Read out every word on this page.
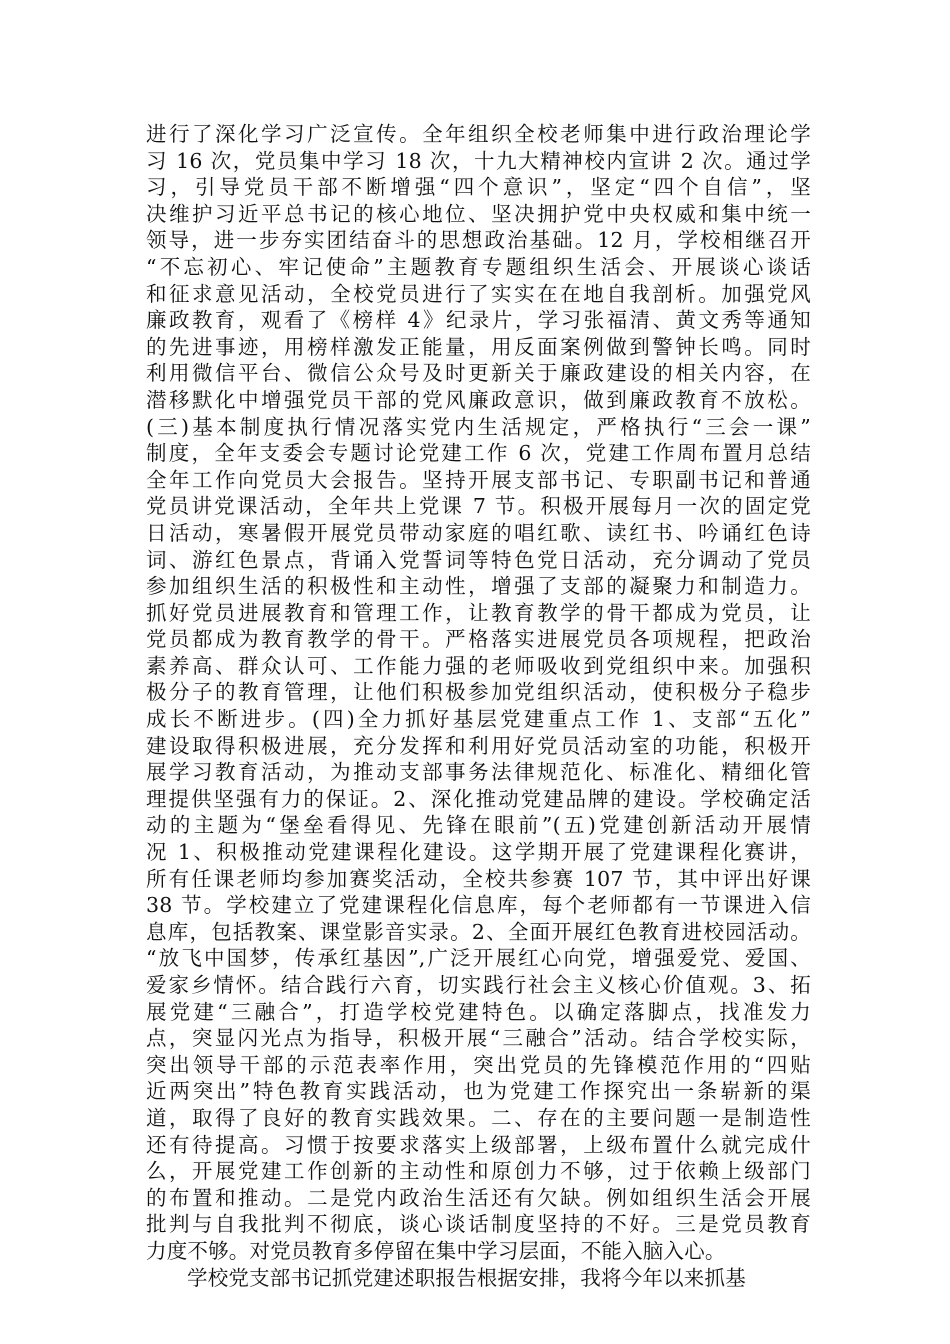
进行了深化学习广泛宣传。全年组织全校老师集中进行政治理论学
习 16 次，党员集中学习 18 次，十九大精神校内宣讲 2 次。通过学
习，引导党员干部不断增强“四个意识”，坚定“四个自信”，坚
决维护习近平总书记的核心地位、坚决拥护党中央权威和集中统一
领导，进一步夯实团结奋斗的思想政治基础。12 月，学校相继召开
“不忘初心、牢记使命”主题教育专题组织生活会、开展谈心谈话
和征求意见活动，全校党员进行了实实在在地自我剖析。加强党风
廉政教育，观看了《榜样 4》纪录片，学习张福清、黄文秀等通知
的先进事迹，用榜样激发正能量，用反面案例做到警钟长鸣。同时
利用微信平台、微信公众号及时更新关于廉政建设的相关内容，在
潜移默化中增强党员干部的党风廉政意识，做到廉政教育不放松。
(三)基本制度执行情况落实党内生活规定，严格执行“三会一课”
制度，全年支委会专题讨论党建工作 6 次，党建工作周布置月总结
全年工作向党员大会报告。坚持开展支部书记、专职副书记和普通
党员讲党课活动，全年共上党课 7 节。积极开展每月一次的固定党
日活动，寒暑假开展党员带动家庭的唱红歌、读红书、吟诵红色诗
词、游红色景点，背诵入党誓词等特色党日活动，充分调动了党员
参加组织生活的积极性和主动性，增强了支部的凝聚力和制造力。
抓好党员进展教育和管理工作，让教育教学的骨干都成为党员，让
党员都成为教育教学的骨干。严格落实进展党员各项规程，把政治
素养高、群众认可、工作能力强的老师吸收到党组织中来。加强积
极分子的教育管理，让他们积极参加党组织活动，使积极分子稳步
成长不断进步。(四)全力抓好基层党建重点工作 1、支部“五化”
建设取得积极进展，充分发挥和利用好党员活动室的功能，积极开
展学习教育活动，为推动支部事务法律规范化、标准化、精细化管
理提供坚强有力的保证。2、深化推动党建品牌的建设。学校确定活
动的主题为“堡垒看得见、先锋在眼前”(五)党建创新活动开展情
况 1、积极推动党建课程化建设。这学期开展了党建课程化赛讲，
所有任课老师均参加赛奖活动，全校共参赛 107 节，其中评出好课
38 节。学校建立了党建课程化信息库，每个老师都有一节课进入信
息库，包括教案、课堂影音实录。2、全面开展红色教育进校园活动。
“放飞中国梦，传承红基因”,广泛开展红心向党，增强爱党、爱国、
爱家乡情怀。结合践行六育，切实践行社会主义核心价值观。3、拓
展党建“三融合”，打造学校党建特色。以确定落脚点，找准发力
点，突显闪光点为指导，积极开展“三融合”活动。结合学校实际，
突出领导干部的示范表率作用，突出党员的先锋模范作用的“四贴
近两突出”特色教育实践活动，也为党建工作探究出一条崭新的渠
道，取得了良好的教育实践效果。二、存在的主要问题一是制造性
还有待提高。习惯于按要求落实上级部署，上级布置什么就完成什
么，开展党建工作创新的主动性和原创力不够，过于依赖上级部门
的布置和推动。二是党内政治生活还有欠缺。例如组织生活会开展
批判与自我批判不彻底，谈心谈话制度坚持的不好。三是党员教育
力度不够。对党员教育多停留在集中学习层面，不能入脑入心。
学校党支部书记抓党建述职报告根据安排，我将今年以来抓基
